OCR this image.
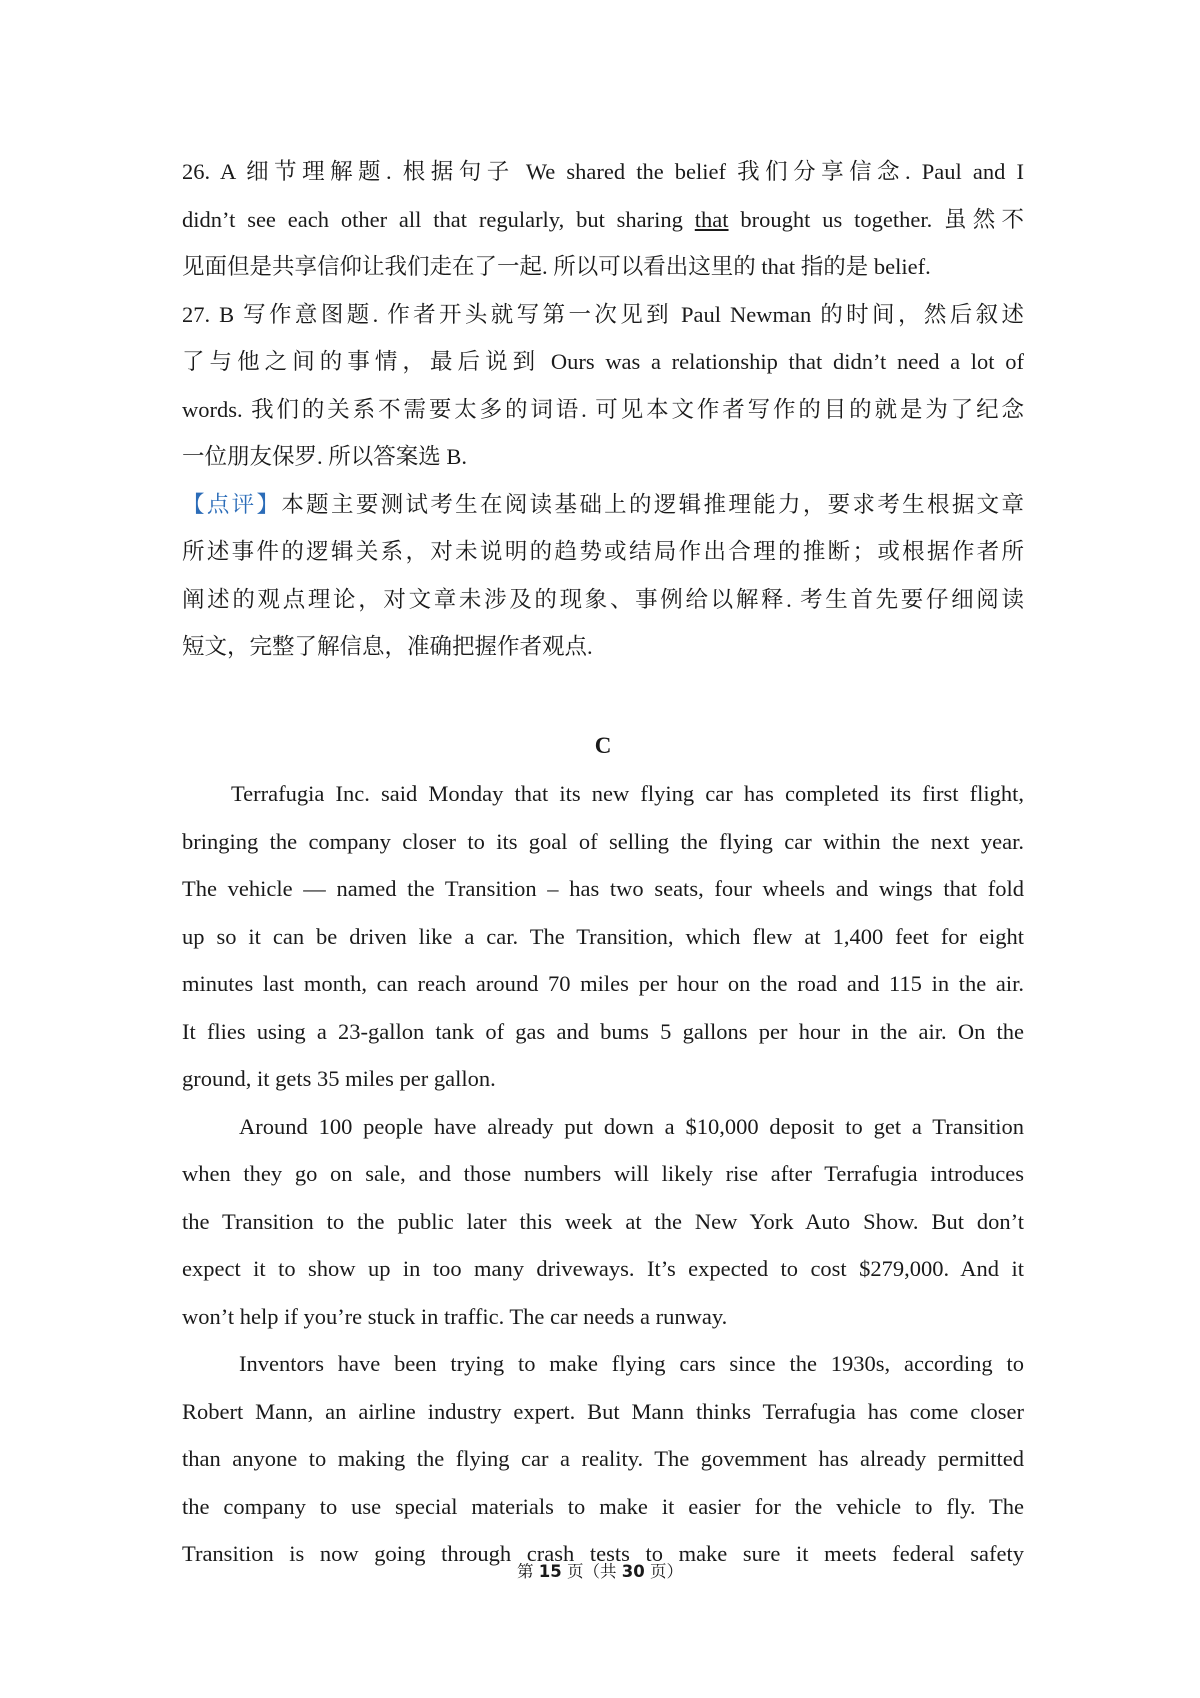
26. A 细节理解题. 根据句子 We shared the belief 我们分享信念. Paul and I
didn’t see each other all that regularly, but sharing that brought us together. 虽然不
见面但是共享信仰让我们走在了一起. 所以可以看出这里的 that 指的是 belief.
27. B 写作意图题. 作者开头就写第一次见到 Paul Newman 的时间，然后叙述
了与他之间的事情，最后说到 Ours was a relationship that didn’t need a lot of
words. 我们的关系不需要太多的词语. 可见本文作者写作的目的就是为了纪念
一位朋友保罗. 所以答案选 B.
【点评】本题主要测试考生在阅读基础上的逻辑推理能力，要求考生根据文章
所述事件的逻辑关系，对未说明的趋势或结局作出合理的推断；或根据作者所
阐述的观点理论，对文章未涉及的现象、事例给以解释. 考生首先要仔细阅读
短文，完整了解信息，准确把握作者观点.
C
Terrafugia Inc. said Monday that its new flying car has completed its first flight,
bringing the company closer to its goal of selling the flying car within the next year.
The vehicle — named the Transition – has two seats, four wheels and wings that fold
up so it can be driven like a car. The Transition, which flew at 1,400 feet for eight
minutes last month, can reach around 70 miles per hour on the road and 115 in the air.
It flies using a 23-gallon tank of gas and bums 5 gallons per hour in the air. On the
ground, it gets 35 miles per gallon.
Around 100 people have already put down a $10,000 deposit to get a Transition
when they go on sale, and those numbers will likely rise after Terrafugia introduces
the Transition to the public later this week at the New York Auto Show. But don’t
expect it to show up in too many driveways. It’s expected to cost $279,000. And it
won’t help if you’re stuck in traffic. The car needs a runway.
Inventors have been trying to make flying cars since the 1930s, according to
Robert Mann, an airline industry expert. But Mann thinks Terrafugia has come closer
than anyone to making the flying car a reality. The govemment has already permitted
the company to use special materials to make it easier for the vehicle to fly. The
Transition is now going through crash tests to make sure it meets federal safety
第 15 页（共 30 页）
